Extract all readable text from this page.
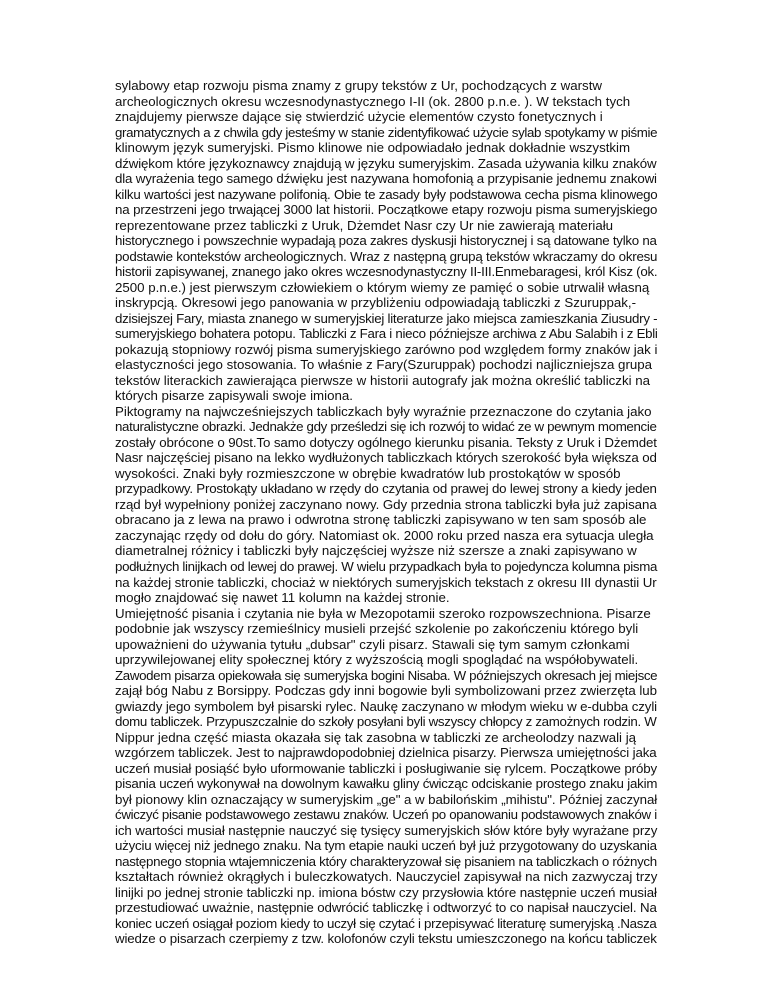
sylabowy etap rozwoju pisma znamy z grupy tekstów z Ur, pochodzących z warstw
archeologicznych okresu wczesnodynastycznego I-II (ok. 2800 p.n.e. ). W tekstach tych
znajdujemy pierwsze dające się stwierdzić użycie elementów czysto fonetycznych i
gramatycznych a z chwila gdy jesteśmy w stanie zidentyfikować użycie sylab spotykamy w piśmie
klinowym język sumeryjski. Pismo klinowe nie odpowiadało jednak dokładnie wszystkim
dźwiękom które językoznawcy znajdują w języku sumeryjskim. Zasada używania kilku znaków
dla wyrażenia tego samego dźwięku jest nazywana homofonią a przypisanie jednemu znakowi
kilku wartości jest nazywane polifonią. Obie te zasady były podstawowa cecha pisma klinowego
na przestrzeni jego trwającej 3000 lat historii. Początkowe etapy rozwoju pisma sumeryjskiego
reprezentowane przez tabliczki z Uruk, Dżemdet Nasr czy Ur nie zawierają materiału
historycznego i powszechnie wypadają poza zakres dyskusji historycznej i są datowane tylko na
podstawie kontekstów archeologicznych. Wraz z następną grupą tekstów wkraczamy do okresu
historii zapisywanej, znanego jako okres wczesnodynastyczny II-III.Enmebaragesi, król Kisz (ok.
2500 p.n.e.) jest pierwszym człowiekiem o którym wiemy ze pamięć o sobie utrwalił własną
inskrypcją. Okresowi jego panowania w przybliżeniu odpowiadają tabliczki z Szuruppak,-
dzisiejszej Fary, miasta znanego w sumeryjskiej literaturze jako miejsca zamieszkania Ziusudry -
sumeryjskiego bohatera potopu. Tabliczki z Fara i nieco późniejsze archiwa z Abu Salabih i z Ebli
pokazują stopniowy rozwój pisma sumeryjskiego zarówno pod względem formy znaków jak i
elastyczności jego stosowania. To właśnie z Fary(Szuruppak) pochodzi najliczniejsza grupa
tekstów literackich zawierająca pierwsze w historii autografy jak można określić tabliczki na
których pisarze zapisywali swoje imiona.
Piktogramy na najwcześniejszych tabliczkach były wyraźnie przeznaczone do czytania jako
naturalistyczne obrazki. Jednakże gdy prześledzi się ich rozwój to widać ze w pewnym momencie
zostały obrócone o 90st.To samo dotyczy ogólnego kierunku pisania. Teksty z Uruk i Dżemdet
Nasr najczęściej pisano na lekko wydłużonych tabliczkach których szerokość była większa od
wysokości. Znaki były rozmieszczone w obrębie kwadratów lub prostokątów w sposób
przypadkowy. Prostokąty układano w rzędy do czytania od prawej do lewej strony a kiedy jeden
rząd był wypełniony poniżej zaczynano nowy. Gdy przednia strona tabliczki była już zapisana
obracano ja z lewa na prawo i odwrotna stronę tabliczki zapisywano w ten sam sposób ale
zaczynając rzędy od dołu do góry. Natomiast ok. 2000 roku przed nasza era sytuacja uległa
diametralnej różnicy i tabliczki były najczęściej wyższe niż szersze a znaki zapisywano w
podłużnych linijkach od lewej do prawej. W wielu przypadkach była to pojedyncza kolumna pisma
na każdej stronie tabliczki, chociaż w niektórych sumeryjskich tekstach z okresu III dynastii Ur
mogło znajdować się nawet 11 kolumn na każdej stronie.
Umiejętność pisania i czytania nie była w Mezopotamii szeroko rozpowszechniona. Pisarze
podobnie jak wszyscy rzemieślnicy musieli przejść szkolenie po zakończeniu którego byli
upoważnieni do używania tytułu „dubsar" czyli pisarz. Stawali się tym samym członkami
uprzywilejowanej elity społecznej który z wyższością mogli spoglądać na współobywateli.
Zawodem pisarza opiekowała się sumeryjska bogini Nisaba. W późniejszych okresach jej miejsce
zajął bóg Nabu z Borsippy. Podczas gdy inni bogowie byli symbolizowani przez zwierzęta lub
gwiazdy jego symbolem był pisarski rylec. Naukę zaczynano w młodym wieku w e-dubba czyli
domu tabliczek. Przypuszczalnie do szkoły posyłani byli wszyscy chłopcy z zamożnych rodzin. W
Nippur jedna część miasta okazała się tak zasobna w tabliczki ze archeolodzy nazwali ją
wzgórzem tabliczek. Jest to najprawdopodobniej dzielnica pisarzy. Pierwsza umiejętności jaka
uczeń musiał posiąść było uformowanie tabliczki i posługiwanie się rylcem. Początkowe próby
pisania uczeń wykonywał na dowolnym kawałku gliny ćwicząc odciskanie prostego znaku jakim
był pionowy klin oznaczający w sumeryjskim „ge" a w babilońskim „mihistu". Później zaczynał
ćwiczyć pisanie podstawowego zestawu znaków. Uczeń po opanowaniu podstawowych znaków i
ich wartości musiał następnie nauczyć się tysięcy sumeryjskich słów które były wyrażane przy
użyciu więcej niż jednego znaku. Na tym etapie nauki uczeń był już przygotowany do uzyskania
następnego stopnia wtajemniczenia który charakteryzował się pisaniem na tabliczkach o różnych
kształtach również okrągłych i buleczkowatych. Nauczyciel zapisywał na nich zazwyczaj trzy
linijki po jednej stronie tabliczki np. imiona bóstw czy przysłowia które następnie uczeń musiał
przestudiować uważnie, następnie odwrócić tabliczkę i odtworzyć to co napisał nauczyciel. Na
koniec uczeń osiągał poziom kiedy to uczył się czytać i przepisywać literaturę sumeryjską .Nasza
wiedze o pisarzach czerpiemy z tzw. kolofonów czyli tekstu umieszczonego na końcu tabliczek
